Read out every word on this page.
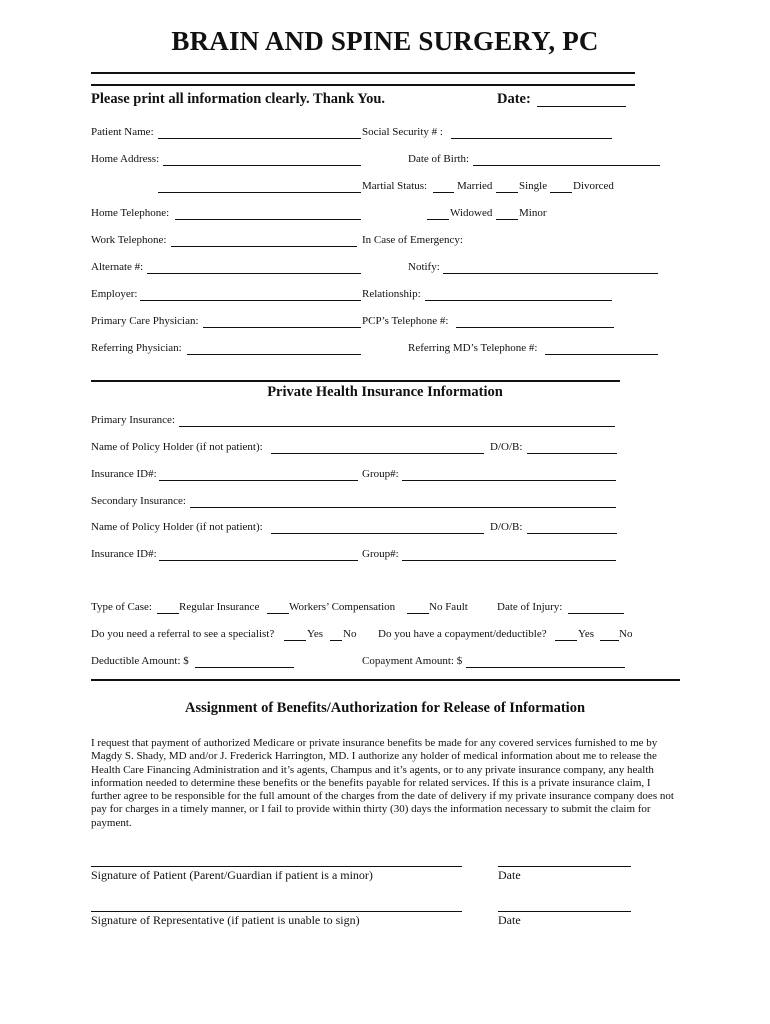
BRAIN AND SPINE SURGERY, PC
Please print all information clearly. Thank You.	Date:
Patient Name:	Social Security # :
Home Address:	Date of Birth:
Martial Status:	Married Single Divorced
Home Telephone:	Widowed Minor
Work Telephone:	In Case of Emergency:
Alternate #:	Notify:
Employer:	Relationship:
Primary Care Physician:	PCP’s Telephone #:
Referring Physician:	Referring MD’s Telephone #:
Private Health Insurance Information
Primary Insurance:
Name of Policy Holder (if not patient):	D/O/B:
Insurance ID#:	Group#:
Secondary Insurance:
Name of Policy Holder (if not patient):	D/O/B:
Insurance ID#:	Group#:
Type of Case: Regular Insurance	Workers’ Compensation	No Fault	Date of Injury:
Do you need a referral to see a specialist?	Yes No Do you have a copayment/deductible?	Yes No
Deductible Amount: $	Copayment Amount: $
Assignment of Benefits/Authorization for Release of Information
I request that payment of authorized Medicare or private insurance benefits be made for any covered services furnished to me by Magdy S. Shady, MD and/or J. Frederick Harrington, MD. I authorize any holder of medical information about me to release the Health Care Financing Administration and it’s agents, Champus and it’s agents, or to any private insurance company, any health information needed to determine these benefits or the benefits payable for related services. If this is a private insurance claim, I further agree to be responsible for the full amount of the charges from the date of delivery if my private insurance company does not pay for charges in a timely manner, or I fail to provide within thirty (30) days the information necessary to submit the claim for payment.
Signature of Patient (Parent/Guardian if patient is a minor)	Date
Signature of Representative (if patient is unable to sign)	Date
